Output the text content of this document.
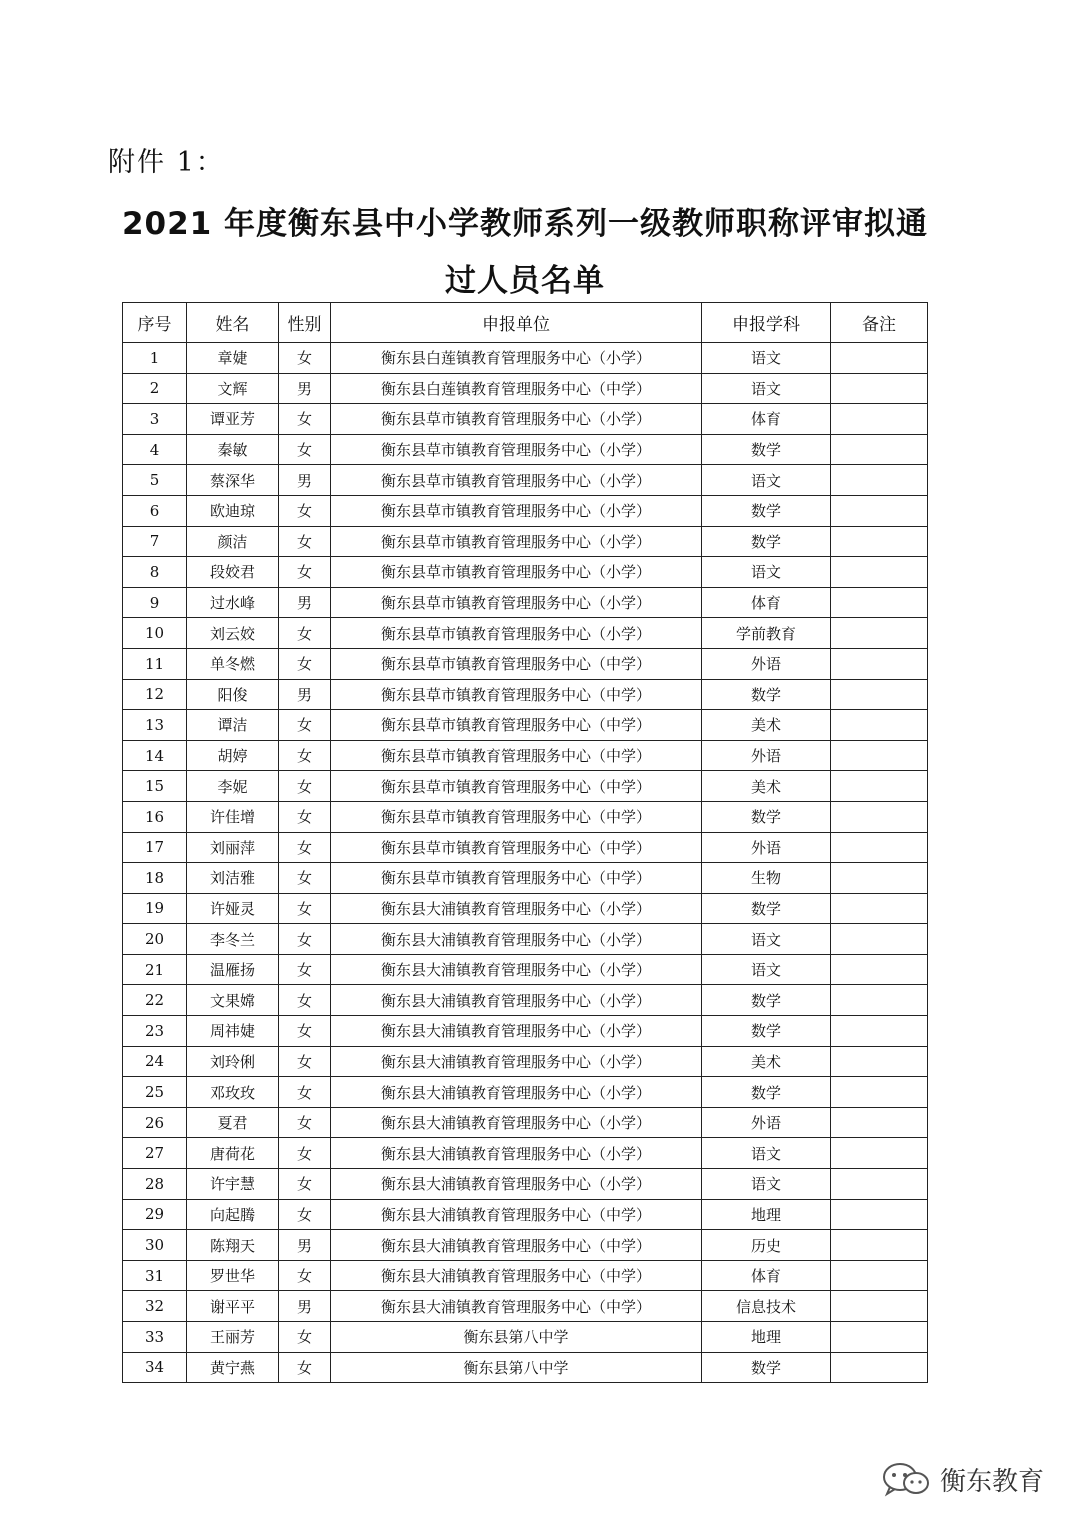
附件 1：
2021 年度衡东县中小学教师系列一级教师职称评审拟通
过人员名单
序号	姓名	性别	申报单位	申报学科	备注
1	章婕	女	衡东县白莲镇教育管理服务中心（小学）	语文	
2	文辉	男	衡东县白莲镇教育管理服务中心（中学）	语文	
3	谭亚芳	女	衡东县草市镇教育管理服务中心（小学）	体育	
4	秦敏	女	衡东县草市镇教育管理服务中心（小学）	数学	
5	蔡深华	男	衡东县草市镇教育管理服务中心（小学）	语文	
6	欧迪琼	女	衡东县草市镇教育管理服务中心（小学）	数学	
7	颜洁	女	衡东县草市镇教育管理服务中心（小学）	数学	
8	段姣君	女	衡东县草市镇教育管理服务中心（小学）	语文	
9	过水峰	男	衡东县草市镇教育管理服务中心（小学）	体育	
10	刘云姣	女	衡东县草市镇教育管理服务中心（小学）	学前教育	
11	单冬燃	女	衡东县草市镇教育管理服务中心（中学）	外语	
12	阳俊	男	衡东县草市镇教育管理服务中心（中学）	数学	
13	谭洁	女	衡东县草市镇教育管理服务中心（中学）	美术	
14	胡婷	女	衡东县草市镇教育管理服务中心（中学）	外语	
15	李妮	女	衡东县草市镇教育管理服务中心（中学）	美术	
16	许佳增	女	衡东县草市镇教育管理服务中心（中学）	数学	
17	刘丽萍	女	衡东县草市镇教育管理服务中心（中学）	外语	
18	刘洁雅	女	衡东县草市镇教育管理服务中心（中学）	生物	
19	许娅灵	女	衡东县大浦镇教育管理服务中心（小学）	数学	
20	李冬兰	女	衡东县大浦镇教育管理服务中心（小学）	语文	
21	温雁扬	女	衡东县大浦镇教育管理服务中心（小学）	语文	
22	文果嫦	女	衡东县大浦镇教育管理服务中心（小学）	数学	
23	周祎婕	女	衡东县大浦镇教育管理服务中心（小学）	数学	
24	刘玲俐	女	衡东县大浦镇教育管理服务中心（小学）	美术	
25	邓玫玫	女	衡东县大浦镇教育管理服务中心（小学）	数学	
26	夏君	女	衡东县大浦镇教育管理服务中心（小学）	外语	
27	唐荷花	女	衡东县大浦镇教育管理服务中心（小学）	语文	
28	许宇慧	女	衡东县大浦镇教育管理服务中心（小学）	语文	
29	向起腾	女	衡东县大浦镇教育管理服务中心（中学）	地理	
30	陈翔天	男	衡东县大浦镇教育管理服务中心（中学）	历史	
31	罗世华	女	衡东县大浦镇教育管理服务中心（中学）	体育	
32	谢平平	男	衡东县大浦镇教育管理服务中心（中学）	信息技术	
33	王丽芳	女	衡东县第八中学	地理	
34	黄宁燕	女	衡东县第八中学	数学	
衡东教育
